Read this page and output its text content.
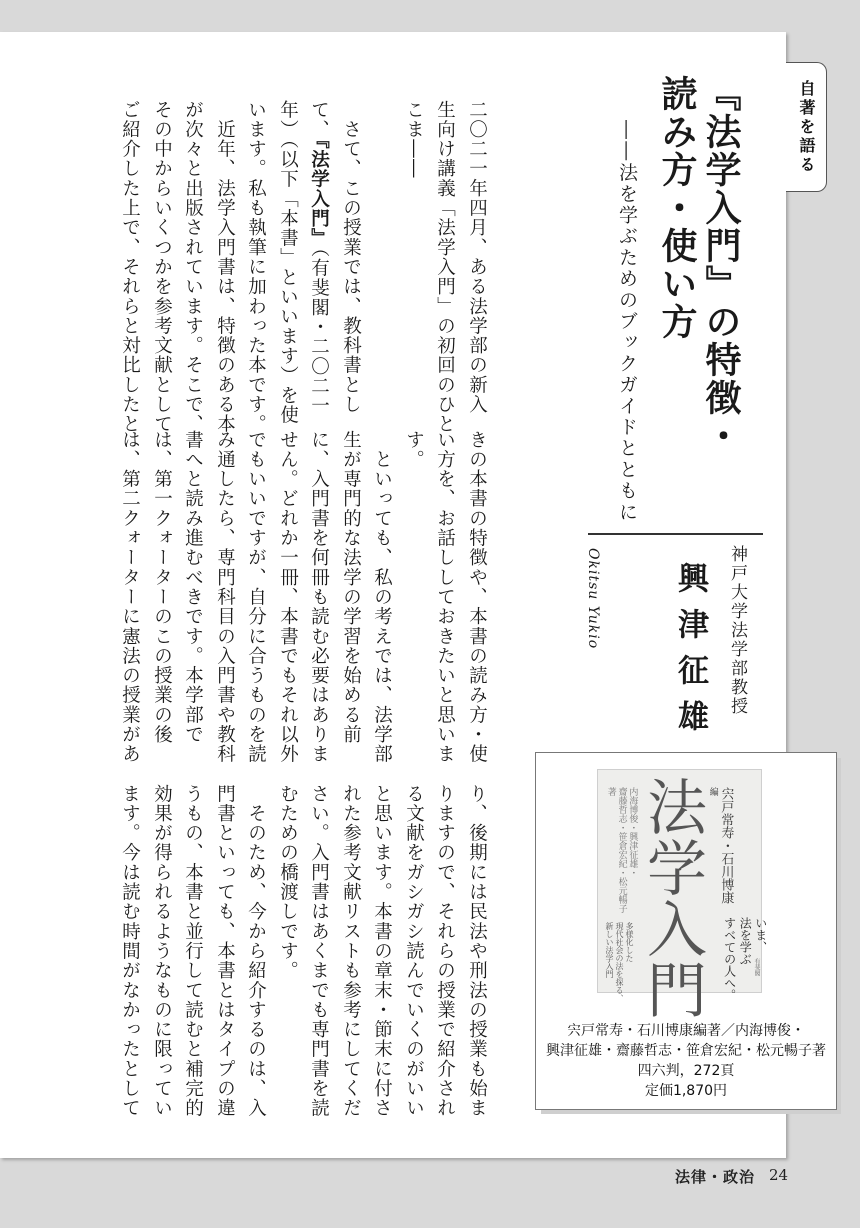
自著を語る
『法学入門』の特徴・
読み方・使い方
――法を学ぶためのブックガイドとともに
神戸大学法学部教授
興津征雄
Okitsu Yukio
二〇二一年四月、ある法学部の新入
生向け講義「法学入門」の初回のひと
こま――
　さて、この授業では、教科書とし
て、『法学入門』（有斐閣・二〇二一
年）（以下「本書」といいます）を使
います。私も執筆に加わった本です。
　近年、法学入門書は、特徴のある本
が次々と出版されています。そこで、
その中からいくつかを参考文献として
ご紹介した上で、それらと対比したと
きの本書の特徴や、本書の読み方・使
い方を、お話ししておきたいと思いま
す。
　といっても、私の考えでは、法学部
生が専門的な法学の学習を始める前
に、入門書を何冊も読む必要はありま
せん。どれか一冊、本書でもそれ以外
でもいいですが、自分に合うものを読
み通したら、専門科目の入門書や教科
書へと読み進むべきです。本学部で
は、第一クォーターのこの授業の後
は、第二クォーターに憲法の授業があ
り、後期には民法や刑法の授業も始ま
りますので、それらの授業で紹介され
る文献をガシガシ読んでいくのがいい
と思います。本書の章末・節末に付さ
れた参考文献リストも参考にしてくだ
さい。入門書はあくまでも専門書を読
むための橋渡しです。
　そのため、今から紹介するのは、入
門書といっても、本書とはタイプの違
うもの、本書と並行して読むと補完的
効果が得られるようなものに限ってい
ます。今は読む時間がなかったとして	宍戸常寿・石川博康
編
法学入門
内海博俊・興津征雄・
齋藤哲志・笹倉宏紀・松元暢子
著
いま、
法を学ぶ
すべての人へ。
多様化した
現代社会の法を探る、
新しい法学入門	有斐閣
宍戸常寿・石川博康編著／内海博俊・
興津征雄・齋藤哲志・笹倉宏紀・松元暢子著
四六判，272頁
定価1,870円
法律・政治 24
